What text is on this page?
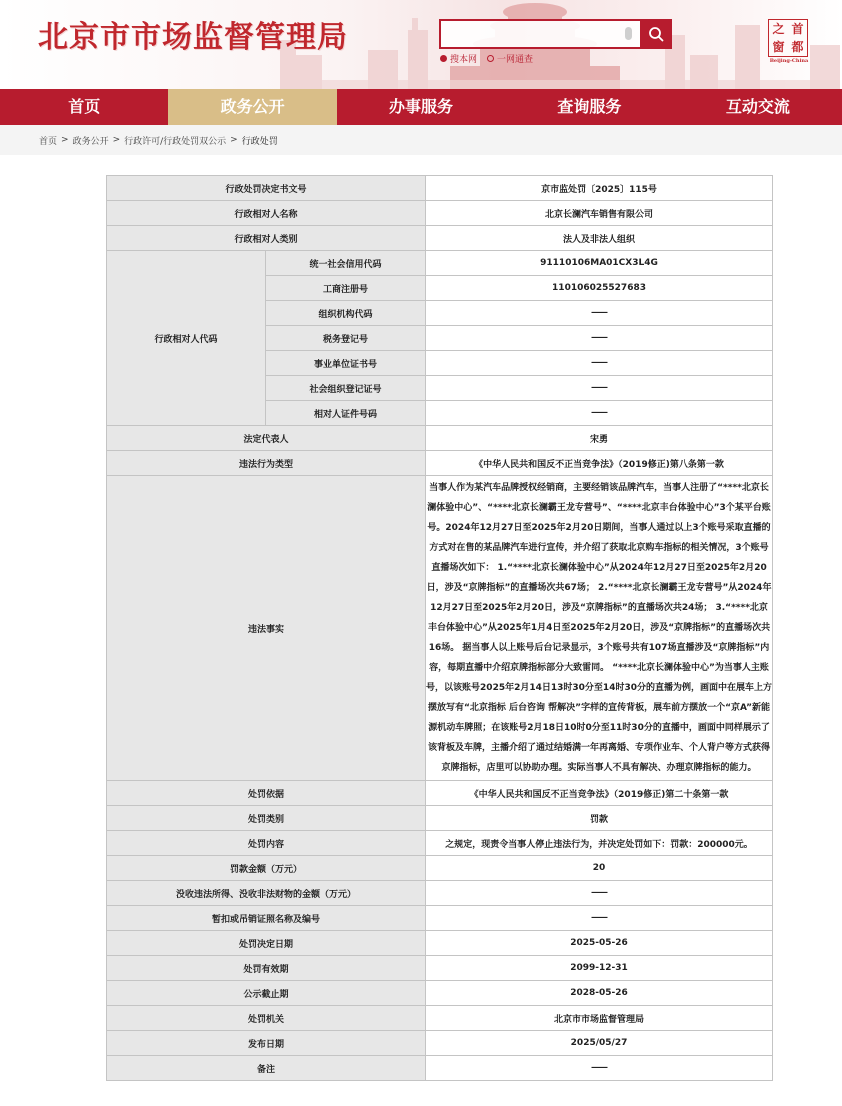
北京市市场监督管理局
搜本网 一网通查
之 首
窗 都
Beijing-China
首页	政务公开	办事服务	查询服务	互动交流
首页 > 政务公开 > 行政许可/行政处罚双公示 > 行政处罚
行政处罚决定书文号		京市监处罚〔2025〕115号
行政相对人名称		北京长澜汽车销售有限公司
行政相对人类别		法人及非法人组织
行政相对人代码	统一社会信用代码	91110106MA01CX3L4G
	工商注册号	110106025527683
	组织机构代码	——
	税务登记号	——
	事业单位证书号	——
	社会组织登记证号	——
	相对人证件号码	——
法定代表人		宋勇
违法行为类型		《中华人民共和国反不正当竞争法》（2019修正)第八条第一款
违法事实		当事人作为某汽车品牌授权经销商，主要经销该品牌汽车，当事人注册了“****北京长澜体验中心”、“****北京长澜霸王龙专营号”、“****北京丰台体验中心”3个某平台账号。2024年12月27日至2025年2月20日期间，当事人通过以上3个账号采取直播的方式对在售的某品牌汽车进行宣传，并介绍了获取北京购车指标的相关情况，3个账号直播场次如下： 1.“****北京长澜体验中心”从2024年12月27日至2025年2月20日，涉及“京牌指标”的直播场次共67场； 2.“****北京长澜霸王龙专营号”从2024年12月27日至2025年2月20日，涉及“京牌指标”的直播场次共24场； 3.“****北京丰台体验中心”从2025年1月4日至2025年2月20日，涉及“京牌指标”的直播场次共16场。 据当事人以上账号后台记录显示，3个账号共有107场直播涉及“京牌指标”内容，每期直播中介绍京牌指标部分大致雷同。 “****北京长澜体验中心”为当事人主账号，以该账号2025年2月14日13时30分至14时30分的直播为例，画面中在展车上方摆放写有“北京指标 后台咨询 帮解决”字样的宣传背板，展车前方摆放一个“京A”新能源机动车牌照；在该账号2月18日10时0分至11时30分的直播中，画面中同样展示了该背板及车牌，主播介绍了通过结婚满一年再离婚、专项作业车、个人背户等方式获得京牌指标，店里可以协助办理。实际当事人不具有解决、办理京牌指标的能力。
处罚依据		《中华人民共和国反不正当竞争法》（2019修正)第二十条第一款
处罚类别		罚款
处罚内容		之规定，现责令当事人停止违法行为，并决定处罚如下：罚款：200000元。
罚款金额（万元）		20
没收违法所得、没收非法财物的金额（万元）		——
暂扣或吊销证照名称及编号		——
处罚决定日期		2025-05-26
处罚有效期		2099-12-31
公示截止期		2028-05-26
处罚机关		北京市市场监督管理局
发布日期		2025/05/27
备注		——
